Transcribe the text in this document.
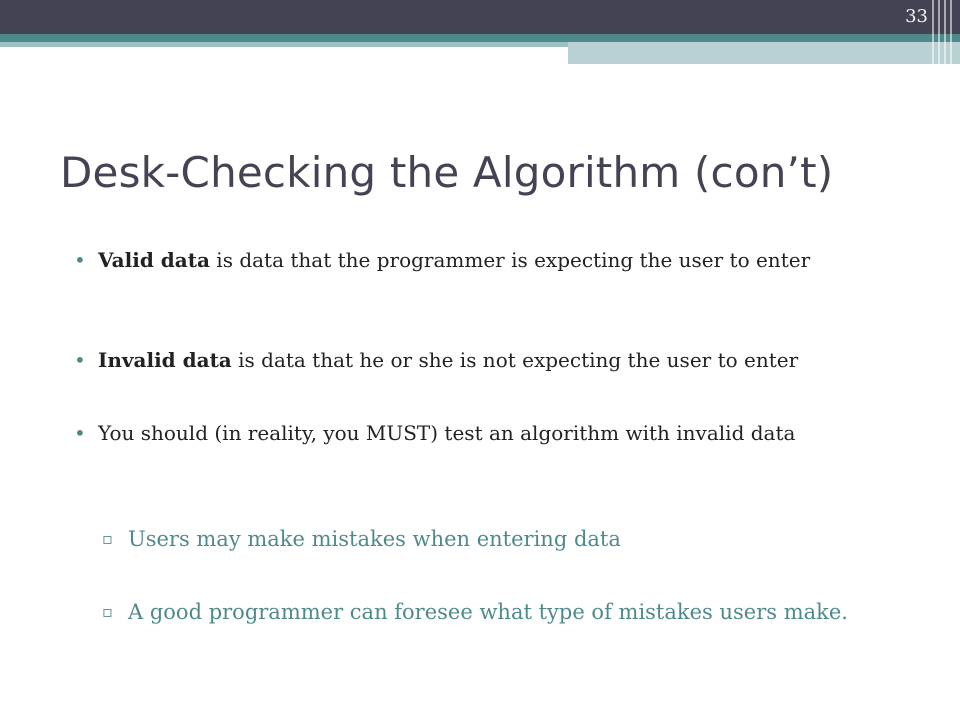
33
Desk-Checking the Algorithm (con’t)
• Valid data is data that the programmer is expecting the user to enter
• Invalid data is data that he or she is not expecting the user to enter
• You should (in reality, you MUST) test an algorithm with invalid data
▫ Users may make mistakes when entering data
▫ A good programmer can foresee what type of mistakes users make.
